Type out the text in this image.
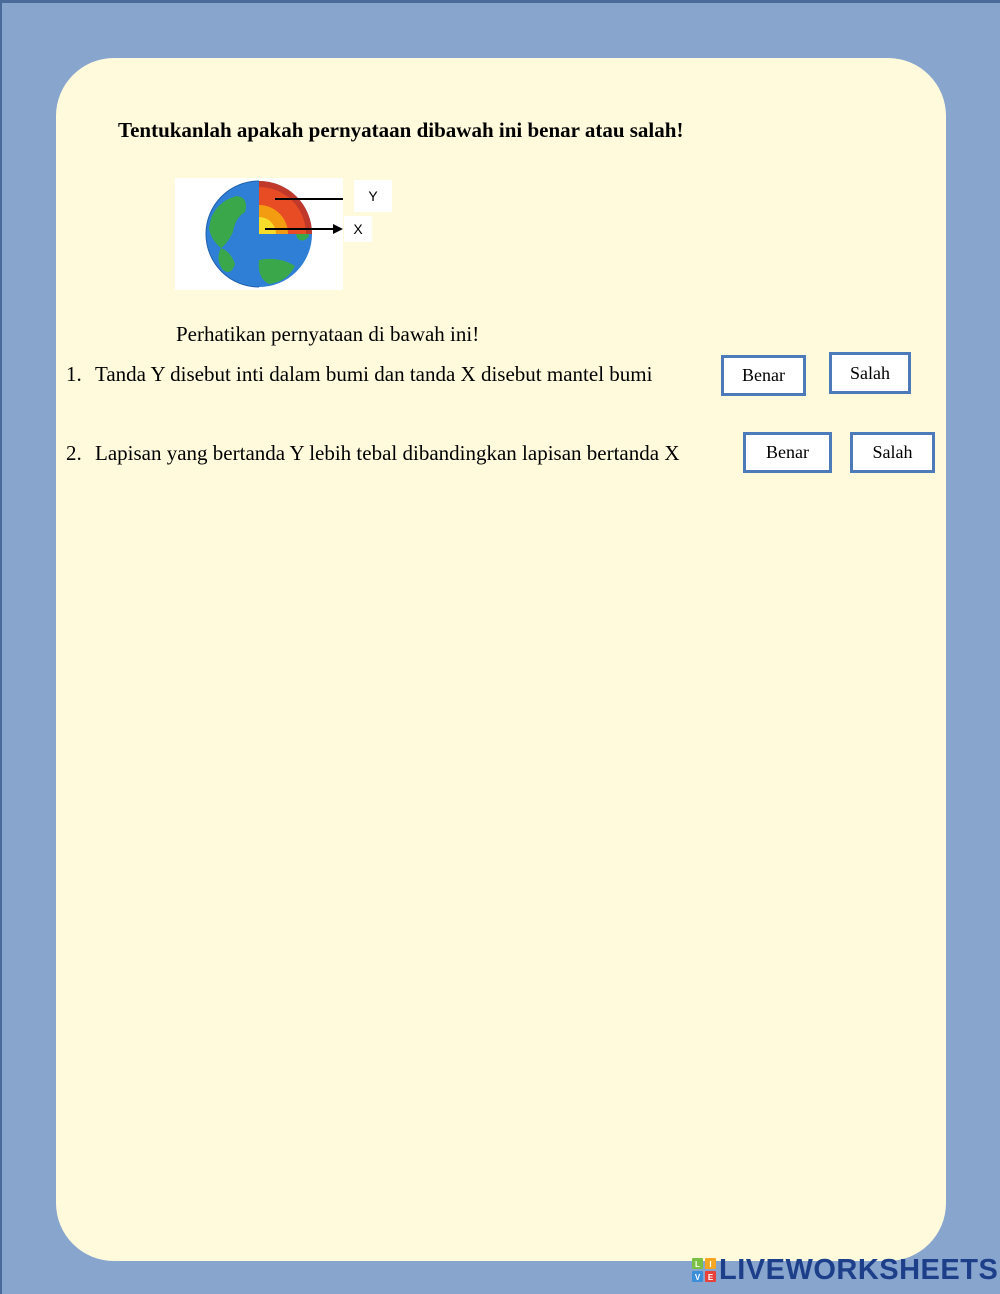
Tentukanlah apakah pernyataan dibawah ini benar atau salah!
Y
X
Perhatikan pernyataan di bawah ini!
1. Tanda Y disebut inti dalam bumi dan tanda X disebut mantel bumi	Benar	Salah
2. Lapisan yang bertanda Y lebih tebal dibandingkan lapisan bertanda X	Benar	Salah
L I
V E LIVEWORKSHEETS
